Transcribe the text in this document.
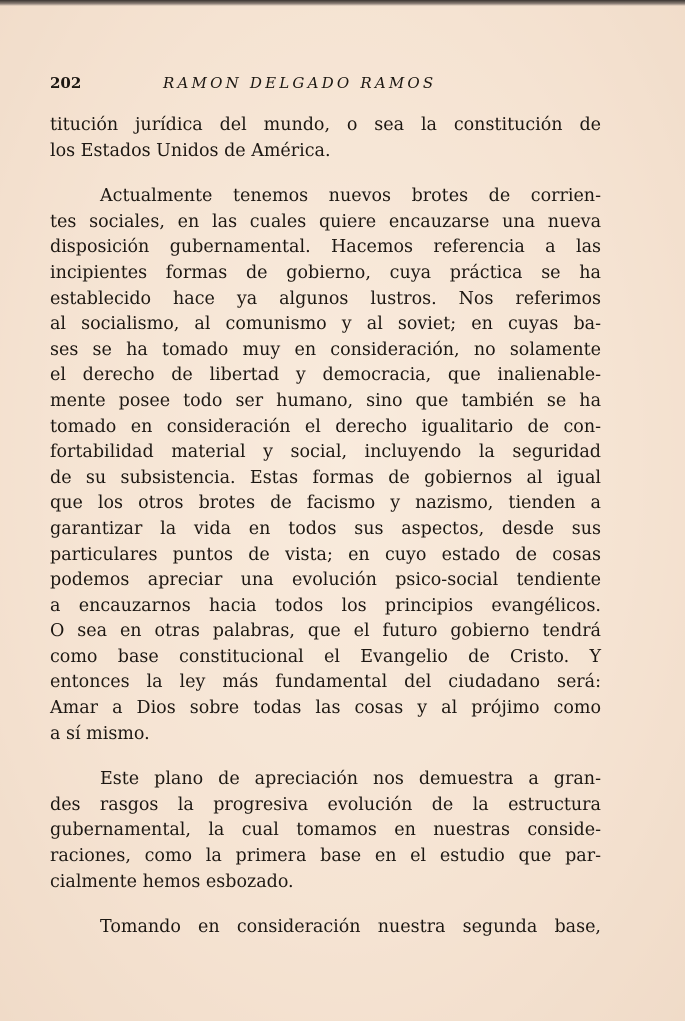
202	RAMON DELGADO RAMOS
titución jurídica del mundo, o sea la constitución de
los Estados Unidos de América.
Actualmente tenemos nuevos brotes de corrien-
tes sociales, en las cuales quiere encauzarse una nueva
disposición gubernamental. Hacemos referencia a las
incipientes formas de gobierno, cuya práctica se ha
establecido hace ya algunos lustros. Nos referimos
al socialismo, al comunismo y al soviet; en cuyas ba-
ses se ha tomado muy en consideración, no solamente
el derecho de libertad y democracia, que inalienable-
mente posee todo ser humano, sino que también se ha
tomado en consideración el derecho igualitario de con-
fortabilidad material y social, incluyendo la seguridad
de su subsistencia. Estas formas de gobiernos al igual
que los otros brotes de facismo y nazismo, tienden a
garantizar la vida en todos sus aspectos, desde sus
particulares puntos de vista; en cuyo estado de cosas
podemos apreciar una evolución psico-social tendiente
a encauzarnos hacia todos los principios evangélicos.
O sea en otras palabras, que el futuro gobierno tendrá
como base constitucional el Evangelio de Cristo. Y
entonces la ley más fundamental del ciudadano será:
Amar a Dios sobre todas las cosas y al prójimo como
a sí mismo.
Este plano de apreciación nos demuestra a gran-
des rasgos la progresiva evolución de la estructura
gubernamental, la cual tomamos en nuestras conside-
raciones, como la primera base en el estudio que par-
cialmente hemos esbozado.
Tomando en consideración nuestra segunda base,
